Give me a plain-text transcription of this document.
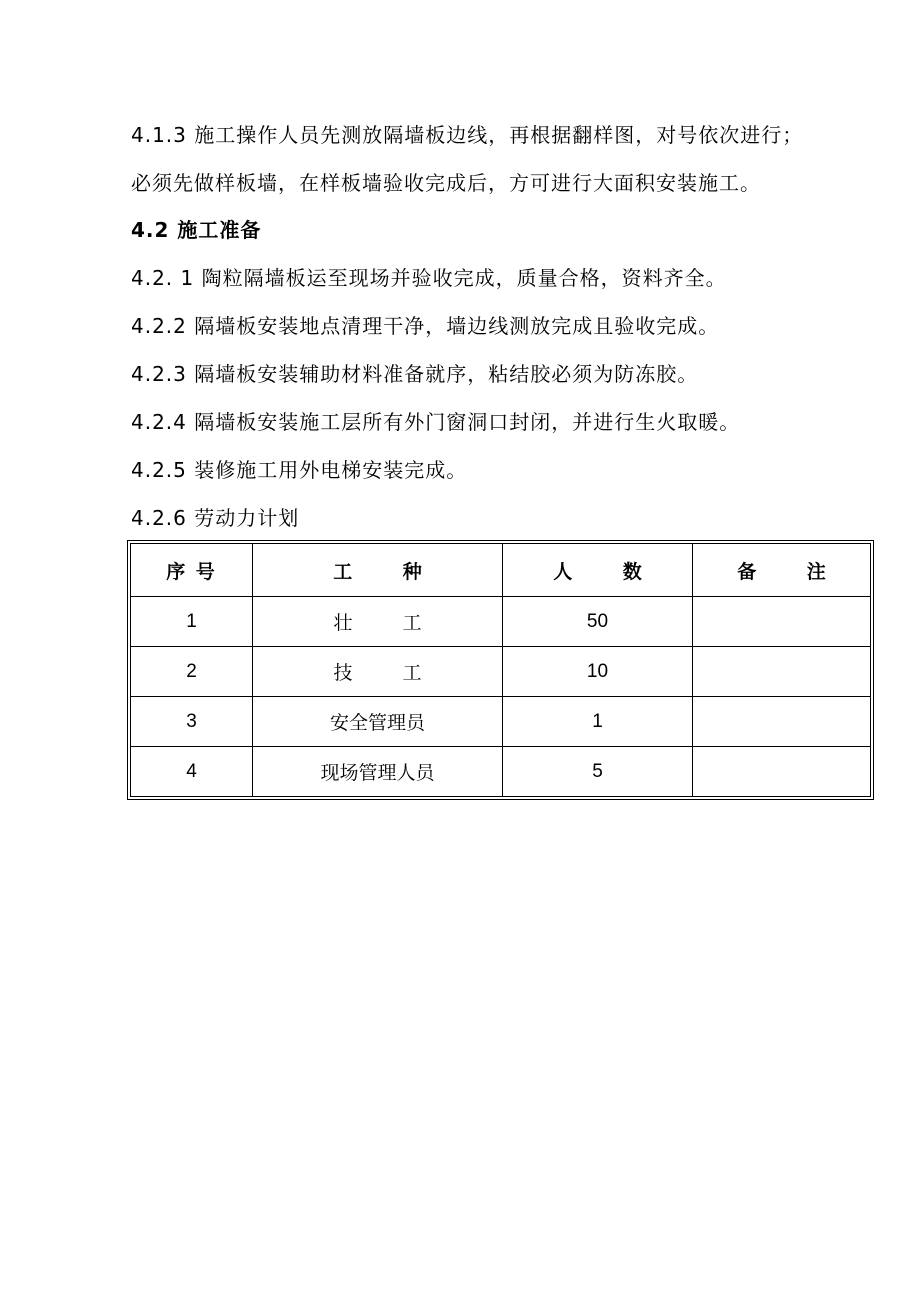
4.1.3 施工操作人员先测放隔墙板边线，再根据翻样图，对号依次进行；
必须先做样板墙，在样板墙验收完成后，方可进行大面积安装施工。
4.2 施工准备
4.2. 1 陶粒隔墙板运至现场并验收完成，质量合格，资料齐全。
4.2.2 隔墙板安装地点清理干净，墙边线测放完成且验收完成。
4.2.3 隔墙板安装辅助材料准备就序，粘结胶必须为防冻胶。
4.2.4 隔墙板安装施工层所有外门窗洞口封闭，并进行生火取暖。
4.2.5 装修施工用外电梯安装完成。
4.2.6 劳动力计划
序 号	工 种	人 数	备 注
1	壮 工	50	
2	技 工	10	
3	安全管理员	1	
4	现场管理人员	5	
